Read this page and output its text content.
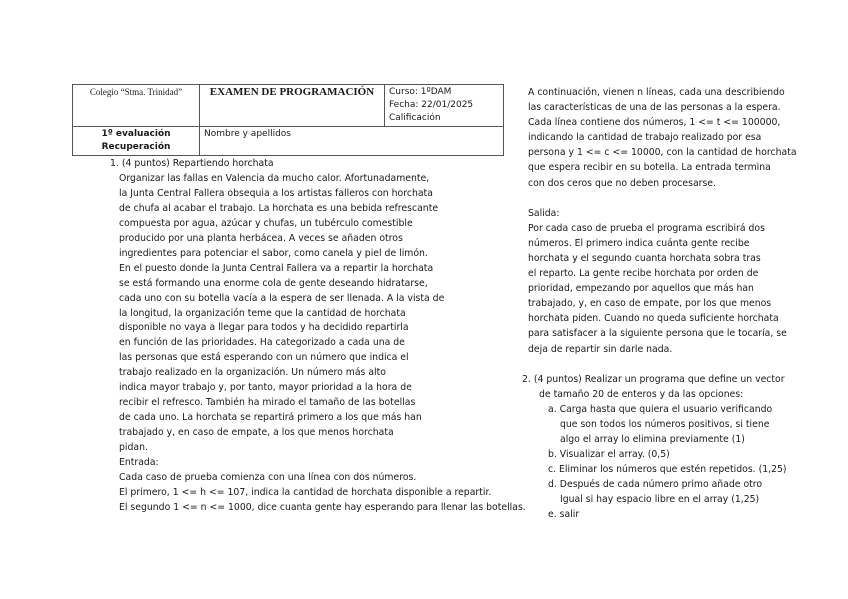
Colegio “Stma. Trinidad”	EXAMEN DE PROGRAMACIÓN	Curso: 1ºDAM
Fecha: 22/01/2025
Calificación

1º evaluación
Recuperación	Nombre y apellidos	
1. (4 puntos) Repartiendo horchata
Organizar las fallas en Valencia da mucho calor. Afortunadamente,
la Junta Central Fallera obsequia a los artistas falleros con horchata
de chufa al acabar el trabajo. La horchata es una bebida refrescante
compuesta por agua, azúcar y chufas, un tubérculo comestible
producido por una planta herbácea. A veces se añaden otros
ingredientes para potenciar el sabor, como canela y piel de limón.
En el puesto donde la Junta Central Fallera va a repartir la horchata
se está formando una enorme cola de gente deseando hidratarse,
cada uno con su botella vacía a la espera de ser llenada. A la vista de
la longitud, la organización teme que la cantidad de horchata
disponible no vaya a llegar para todos y ha decidido repartirla
en función de las prioridades. Ha categorizado a cada una de
las personas que está esperando con un número que indica el
trabajo realizado en la organización. Un número más alto
indica mayor trabajo y, por tanto, mayor prioridad a la hora de
recibir el refresco. También ha mirado el tamaño de las botellas
de cada uno. La horchata se repartirá primero a los que más han
trabajado y, en caso de empate, a los que menos horchata
pidan.
Entrada:
Cada caso de prueba comienza con una línea con dos números.
El primero, 1 <= h <= 107, indica la cantidad de horchata disponible a repartir.
El segundo 1 <= n <= 1000, dice cuanta gente hay esperando para llenar las botellas.
A continuación, vienen n líneas, cada una describiendo
las características de una de las personas a la espera.
Cada línea contiene dos números, 1 <= t <= 100000,
indicando la cantidad de trabajo realizado por esa
persona y 1 <= c <= 10000, con la cantidad de horchata
que espera recibir en su botella. La entrada termina
con dos ceros que no deben procesarse.
Salida:
Por cada caso de prueba el programa escribirá dos
números. El primero indica cuánta gente recibe
horchata y el segundo cuanta horchata sobra tras
el reparto. La gente recibe horchata por orden de
prioridad, empezando por aquellos que más han
trabajado, y, en caso de empate, por los que menos
horchata piden. Cuando no queda suficiente horchata
para satisfacer a la siguiente persona que le tocaría, se
deja de repartir sin darle nada.
2. (4 puntos) Realizar un programa que define un vector
de tamaño 20 de enteros y da las opciones:
a. Carga hasta que quiera el usuario verificando
que son todos los números positivos, si tiene
algo el array lo elimina previamente (1)
b. Visualizar el array. (0,5)
c. Eliminar los números que estén repetidos. (1,25)
d. Después de cada número primo añade otro
Igual si hay espacio libre en el array (1,25)
e. salir
